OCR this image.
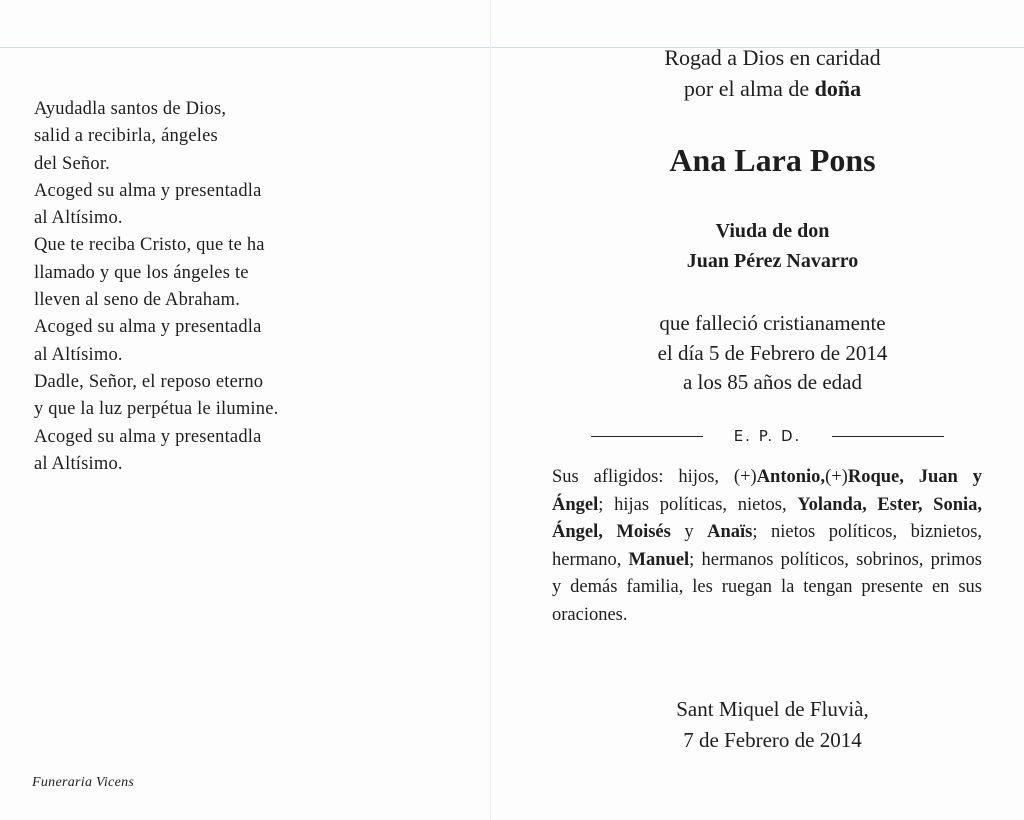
Ayudadla santos de Dios,
salid a recibirla, ángeles
del Señor.
Acoged su alma y presentadla
al Altísimo.
Que te reciba Cristo, que te ha
llamado y que los ángeles te
lleven al seno de Abraham.
Acoged su alma y presentadla
al Altísimo.
Dadle, Señor, el reposo eterno
y que la luz perpétua le ilumine.
Acoged su alma y presentadla
al Altísimo.
Funeraria Vicens
Rogad a Dios en caridad
por el alma de doña
Ana Lara Pons
Viuda de don
Juan Pérez Navarro
que falleció cristianamente
el día 5 de Febrero de 2014
a los 85 años de edad
E. P. D.

Sus afligidos: hijos, (+)Antonio,(+)Roque, Juan y Ángel; hijas políticas, nietos, Yolanda, Ester, Sonia, Ángel, Moisés y Anaïs; nietos políticos, biznietos, hermano, Manuel; hermanos políticos, sobrinos, primos y demás familia, les ruegan la tengan presente en sus oraciones.

Sant Miquel de Fluvià,
7 de Febrero de 2014
